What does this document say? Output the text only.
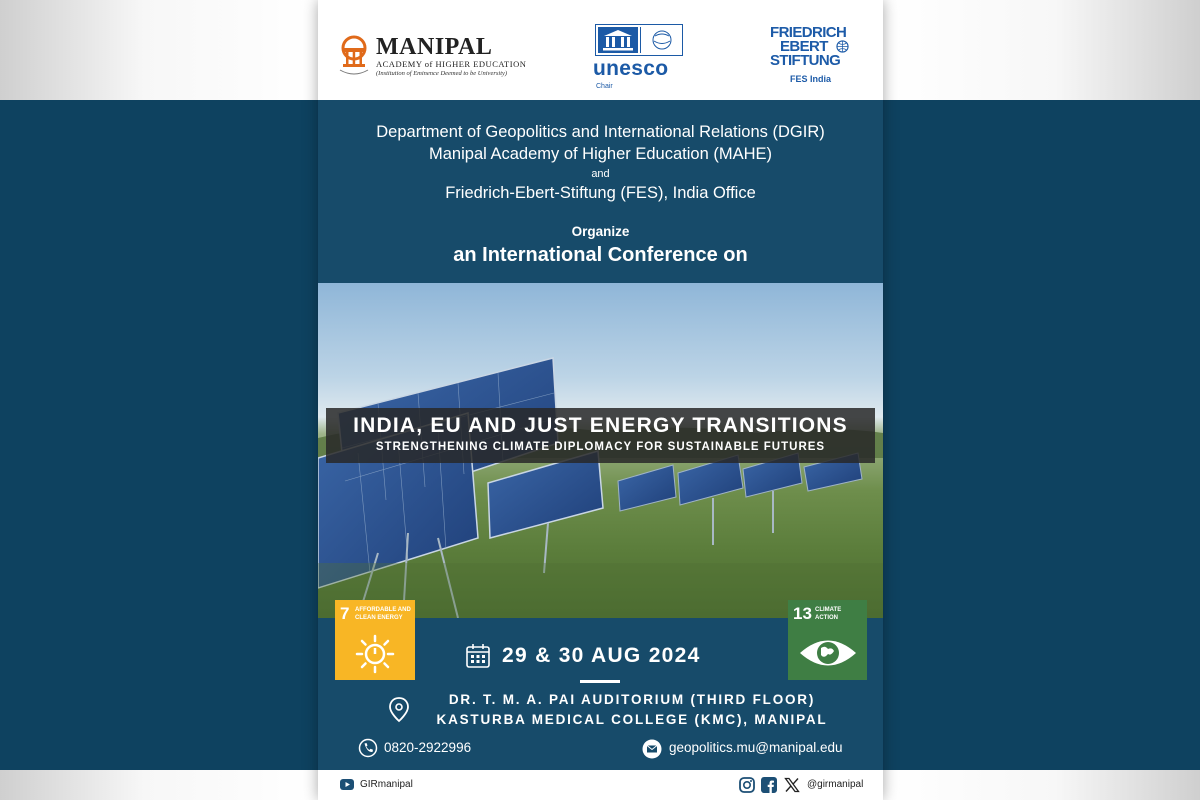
MANIPAL
ACADEMY of HIGHER EDUCATION
(Institution of Eminence Deemed to be University)	unesco
Chair
FRIEDRICH
EBERT
STIFTUNG
FES India
Department of Geopolitics and International Relations (DGIR)
Manipal Academy of Higher Education (MAHE)
and
Friedrich-Ebert-Stiftung (FES), India Office
Organize
an International Conference on
INDIA, EU AND JUST ENERGY TRANSITIONS
STRENGTHENING CLIMATE DIPLOMACY FOR SUSTAINABLE FUTURES
7 AFFORDABLE AND CLEAN ENERGY	13 CLIMATE ACTION
29 & 30 AUG 2024
DR. T. M. A. PAI AUDITORIUM (THIRD FLOOR)
KASTURBA MEDICAL COLLEGE (KMC), MANIPAL
0820-2922996	geopolitics.mu@manipal.edu
GIRmanipal	@girmanipal
